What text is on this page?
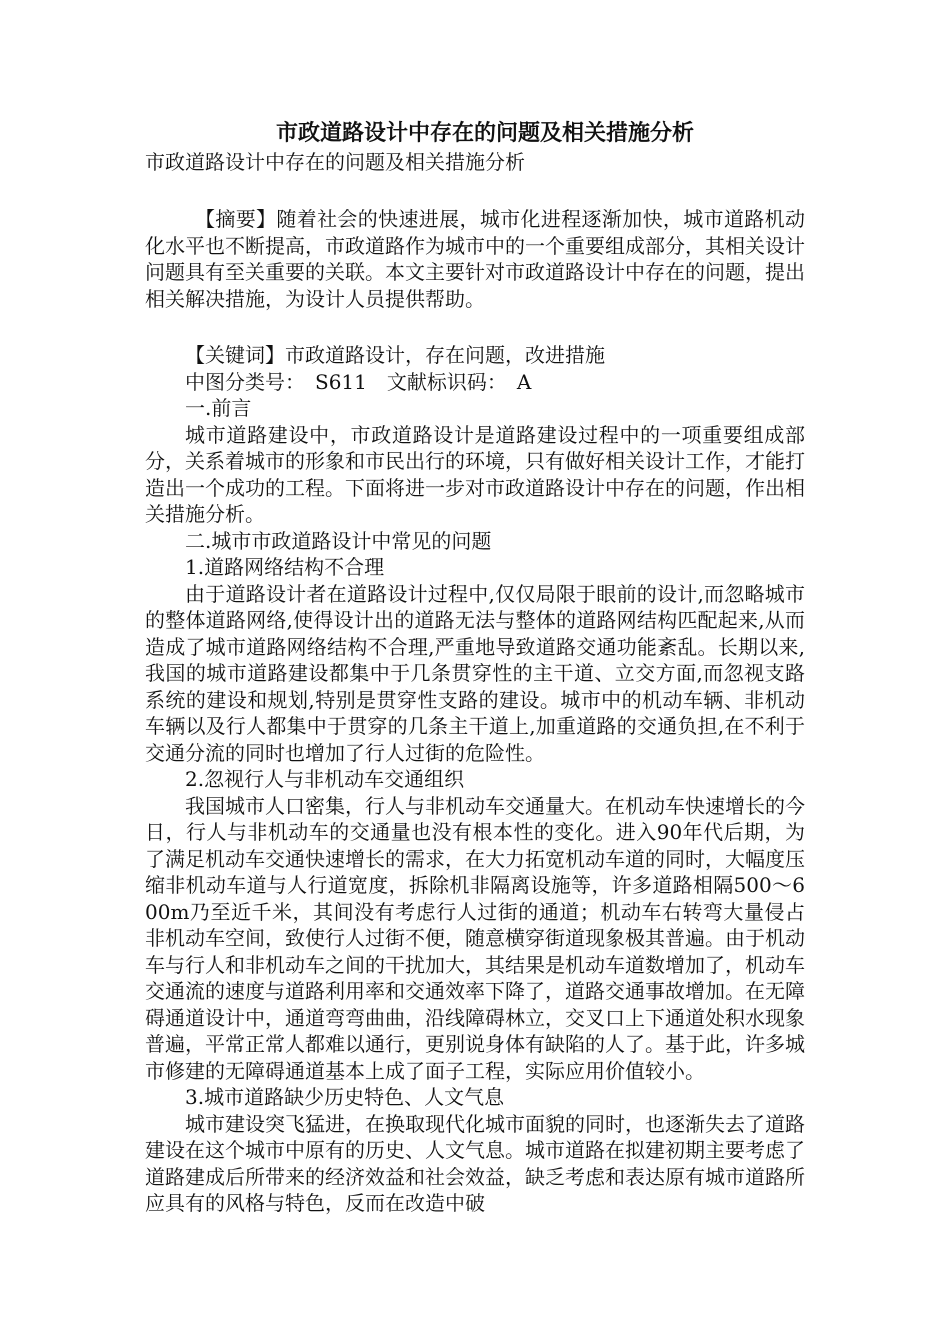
市政道路设计中存在的问题及相关措施分析

市政道路设计中存在的问题及相关措施分析

【摘要】随着社会的快速进展，城市化进程逐渐加快，城市道路机动化水平也不断提高，市政道路作为城市中的一个重要组成部分，其相关设计问题具有至关重要的关联。本文主要针对市政道路设计中存在的问题，提出相关解决措施，为设计人员提供帮助。

【关键词】市政道路设计，存在问题，改进措施

中图分类号：　S611　文献标识码：　A

一.前言

城市道路建设中，市政道路设计是道路建设过程中的一项重要组成部分，关系着城市的形象和市民出行的环境，只有做好相关设计工作，才能打造出一个成功的工程。下面将进一步对市政道路设计中存在的问题，作出相关措施分析。

二.城市市政道路设计中常见的问题

1.道路网络结构不合理

由于道路设计者在道路设计过程中,仅仅局限于眼前的设计,而忽略城市的整体道路网络,使得设计出的道路无法与整体的道路网结构匹配起来,从而造成了城市道路网络结构不合理,严重地导致道路交通功能紊乱。长期以来,我国的城市道路建设都集中于几条贯穿性的主干道、立交方面,而忽视支路系统的建设和规划,特别是贯穿性支路的建设。城市中的机动车辆、非机动车辆以及行人都集中于贯穿的几条主干道上,加重道路的交通负担,在不利于交通分流的同时也增加了行人过街的危险性。

2.忽视行人与非机动车交通组织

我国城市人口密集，行人与非机动车交通量大。在机动车快速增长的今日，行人与非机动车的交通量也没有根本性的变化。进入90年代后期，为了满足机动车交通快速增长的需求，在大力拓宽机动车道的同时，大幅度压缩非机动车道与人行道宽度，拆除机非隔离设施等，许多道路相隔500～600m乃至近千米，其间没有考虑行人过街的通道；机动车右转弯大量侵占非机动车空间，致使行人过街不便，随意横穿街道现象极其普遍。由于机动车与行人和非机动车之间的干扰加大，其结果是机动车道数增加了，机动车交通流的速度与道路利用率和交通效率下降了，道路交通事故增加。在无障碍通道设计中，通道弯弯曲曲，沿线障碍林立，交叉口上下通道处积水现象普遍，平常正常人都难以通行，更别说身体有缺陷的人了。基于此，许多城市修建的无障碍通道基本上成了面子工程，实际应用价值较小。

3.城市道路缺少历史特色、人文气息

城市建设突飞猛进，在换取现代化城市面貌的同时，也逐渐失去了道路建设在这个城市中原有的历史、人文气息。城市道路在拟建初期主要考虑了道路建成后所带来的经济效益和社会效益，缺乏考虑和表达原有城市道路所应具有的风格与特色，反而在改造中破
